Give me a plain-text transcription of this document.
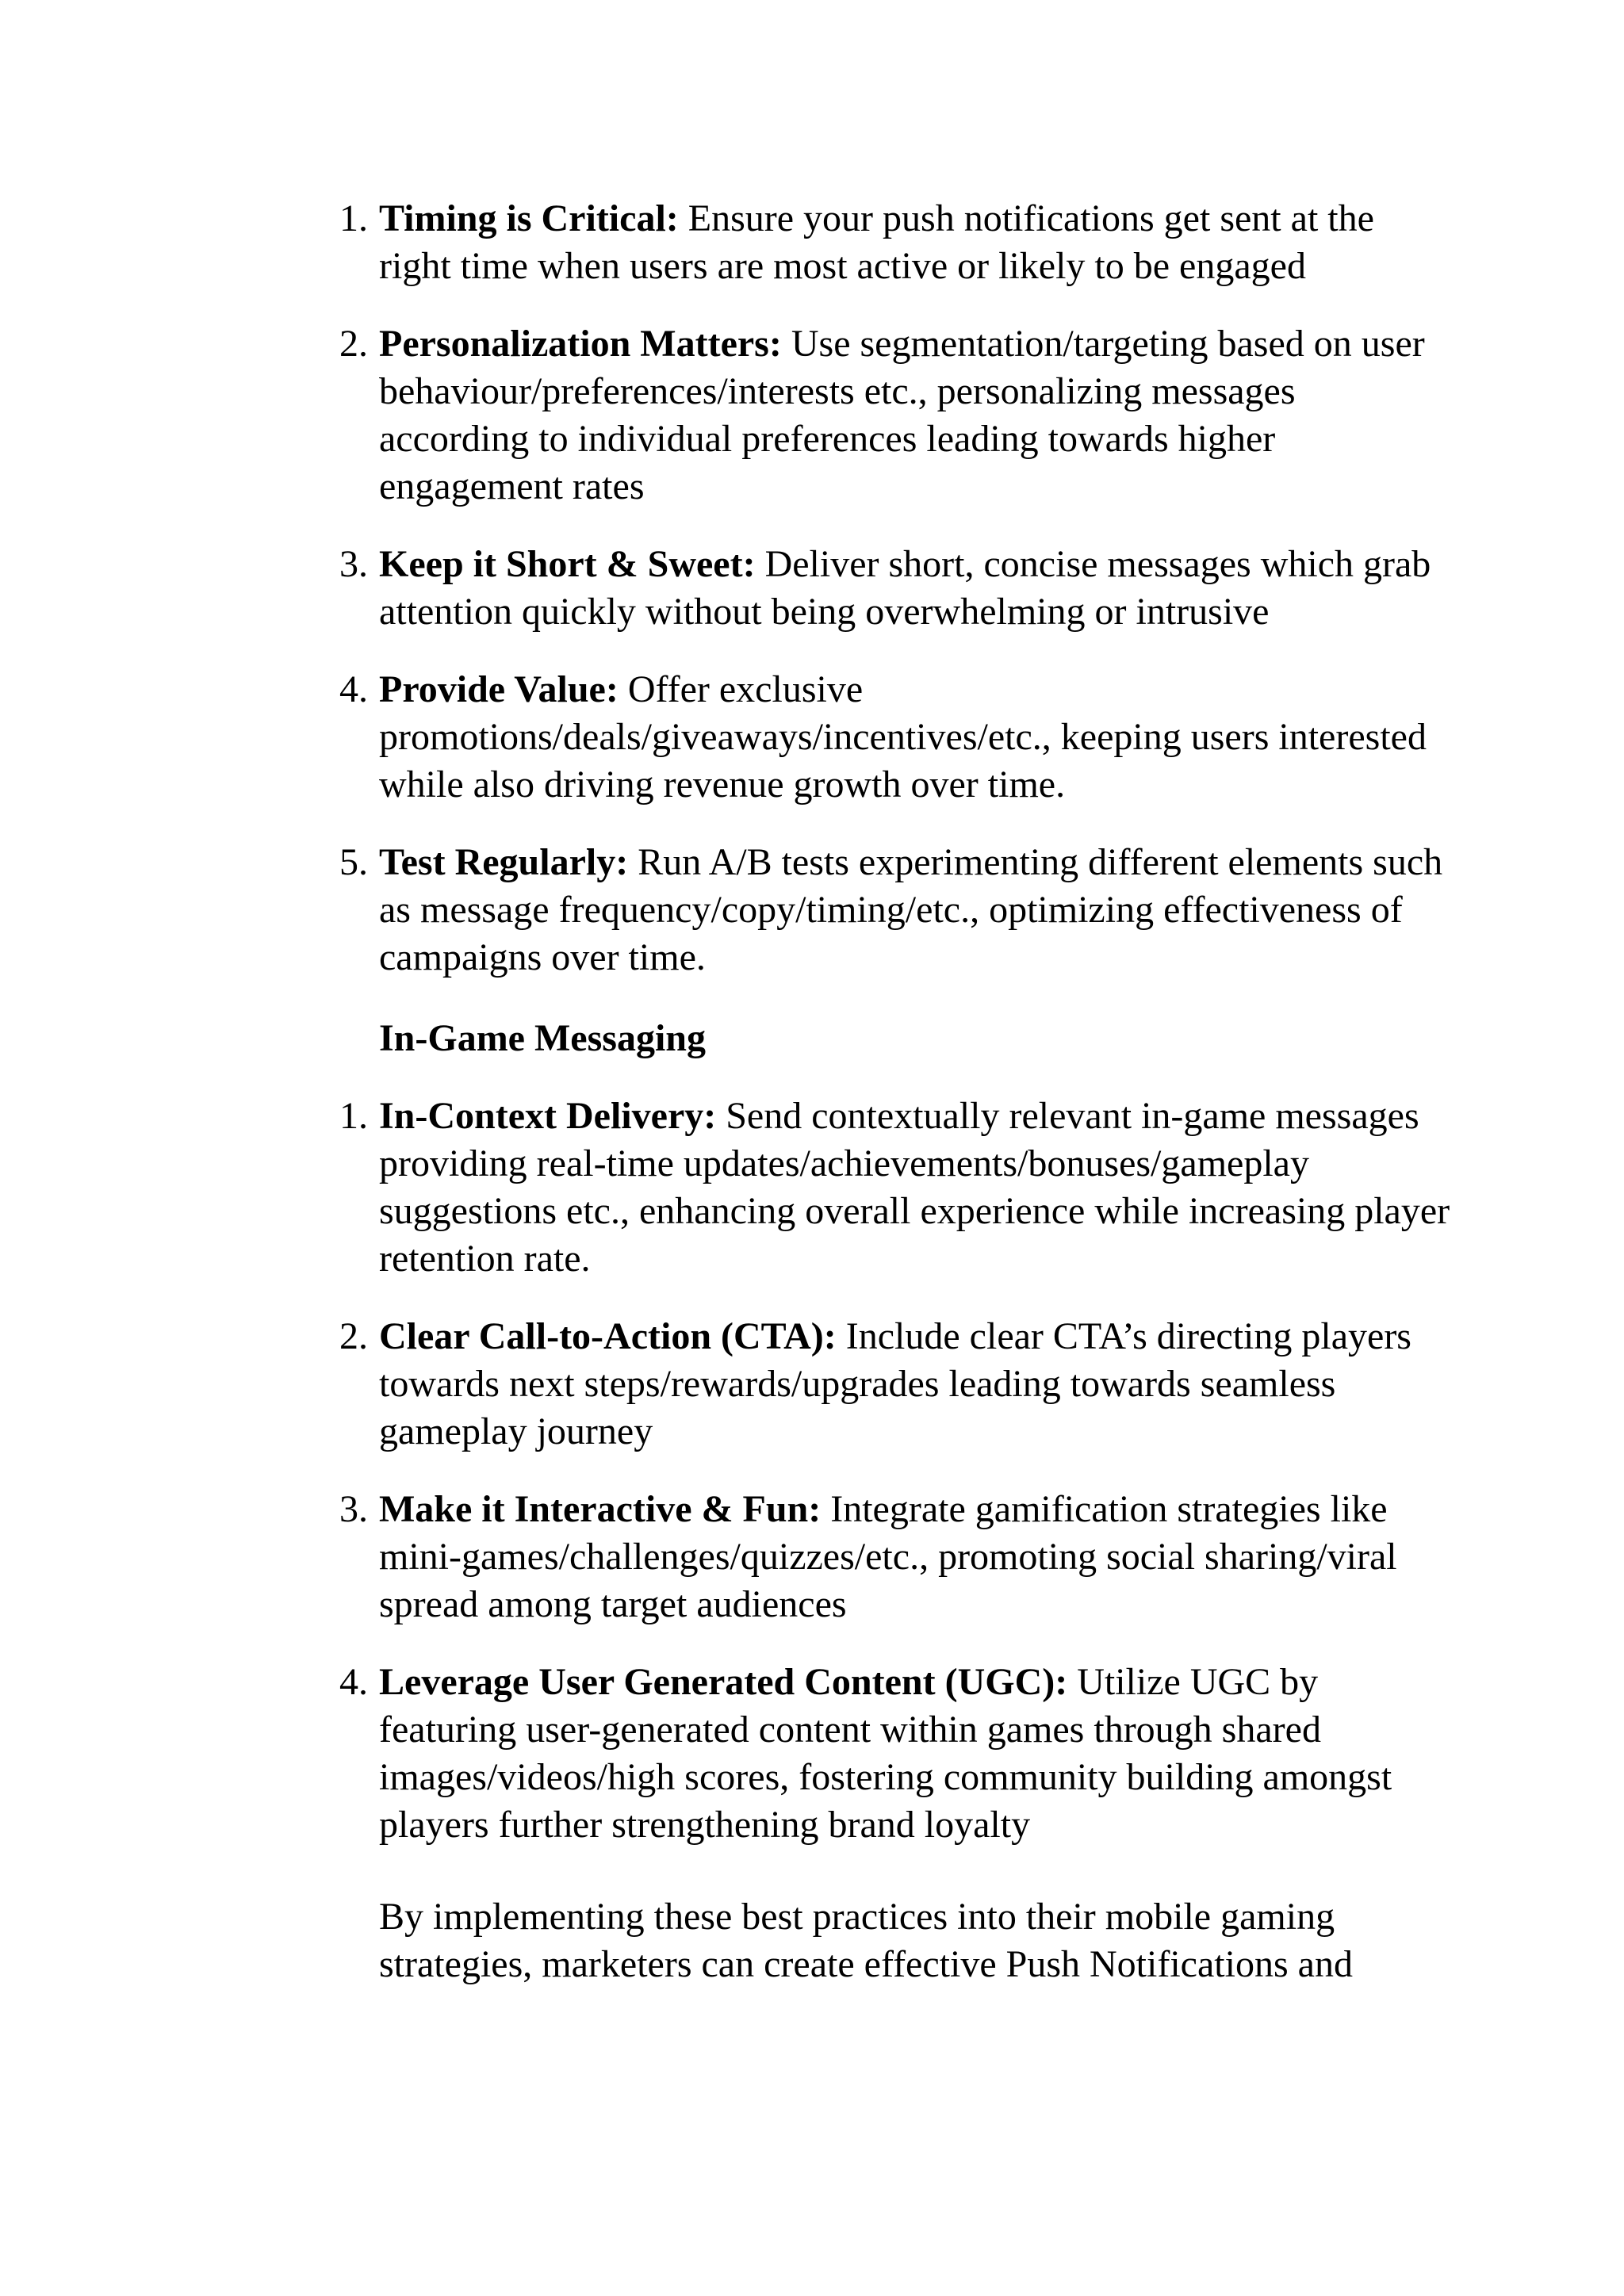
1. Timing is Critical: Ensure your push notifications get sent at the right time when users are most active or likely to be engaged
2. Personalization Matters: Use segmentation/targeting based on user behaviour/preferences/interests etc., personalizing messages according to individual preferences leading towards higher engagement rates
3. Keep it Short & Sweet: Deliver short, concise messages which grab attention quickly without being overwhelming or intrusive
4. Provide Value: Offer exclusive promotions/deals/giveaways/incentives/etc., keeping users interested while also driving revenue growth over time.
5. Test Regularly: Run A/B tests experimenting different elements such as message frequency/copy/timing/etc., optimizing effectiveness of campaigns over time.
In-Game Messaging
1. In-Context Delivery: Send contextually relevant in-game messages providing real-time updates/achievements/bonuses/gameplay suggestions etc., enhancing overall experience while increasing player retention rate.
2. Clear Call-to-Action (CTA): Include clear CTA’s directing players towards next steps/rewards/upgrades leading towards seamless gameplay journey
3. Make it Interactive & Fun: Integrate gamification strategies like mini-games/challenges/quizzes/etc., promoting social sharing/viral spread among target audiences
4. Leverage User Generated Content (UGC): Utilize UGC by featuring user-generated content within games through shared images/videos/high scores, fostering community building amongst players further strengthening brand loyalty

By implementing these best practices into their mobile gaming strategies, marketers can create effective Push Notifications and
